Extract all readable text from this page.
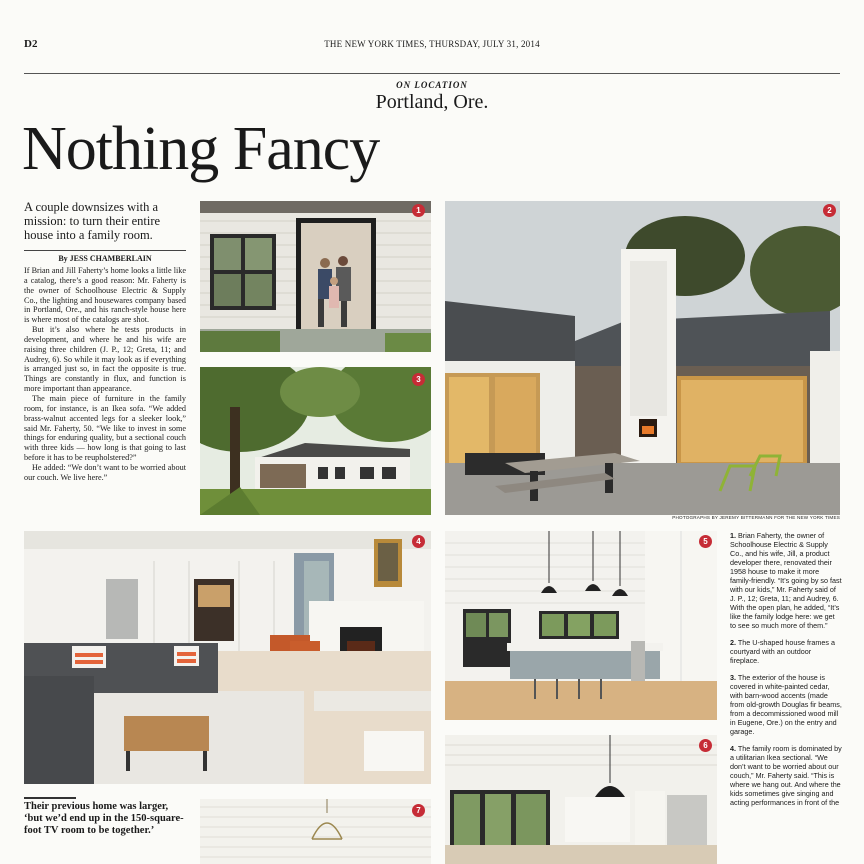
D2	THE NEW YORK TIMES, THURSDAY, JULY 31, 2014
ON LOCATION
Portland, Ore.
Nothing Fancy
A couple downsizes with a mission: to turn their entire house into a family room.
By JESS CHAMBERLAIN

If Brian and Jill Faherty’s home looks a little like a catalog, there’s a good reason: Mr. Faherty is the owner of Schoolhouse Electric & Supply Co., the lighting and housewares company based in Portland, Ore., and his ranch-style house here is where most of the catalogs are shot.

But it’s also where he tests products in development, and where he and his wife are raising three children (J. P., 12; Greta, 11; and Audrey, 6). So while it may look as if everything is arranged just so, in fact the opposite is true. Things are constantly in flux, and function is more important than appearance.

The main piece of furniture in the family room, for instance, is an Ikea sofa. “We added brass-walnut accented legs for a sleeker look,” said Mr. Faherty, 50. “We like to invest in some things for enduring quality, but a sectional couch with three kids — how long is that going to last before it has to be reupholstered?”

He added: “We don’t want to be worried about our couch. We live here.”

1
3
2
PHOTOGRAPHS BY JEREMY BITTERMANN FOR THE NEW YORK TIMES
4	5
6
7
Their previous home was larger, ‘but we’d end up in the 150-square-foot TV room to be together.’

1. Brian Faherty, the owner of Schoolhouse Electric & Supply Co., and his wife, Jill, a product developer there, renovated their 1958 house to make it more family-friendly. “It’s going by so fast with our kids,” Mr. Faherty said of J. P., 12; Greta, 11; and Audrey, 6. With the open plan, he added, “It’s like the family lodge here: we get to see so much more of them.”

2. The U-shaped house frames a courtyard with an outdoor fireplace.

3. The exterior of the house is covered in white-painted cedar, with barn-wood accents (made from old-growth Douglas fir beams, from a decommissioned wood mill in Eugene, Ore.) on the entry and garage.

4. The family room is dominated by a utilitarian Ikea sectional. “We don’t want to be worried about our couch,” Mr. Faherty said. “This is where we hang out. And where the kids sometimes give singing and acting performances in front of the
